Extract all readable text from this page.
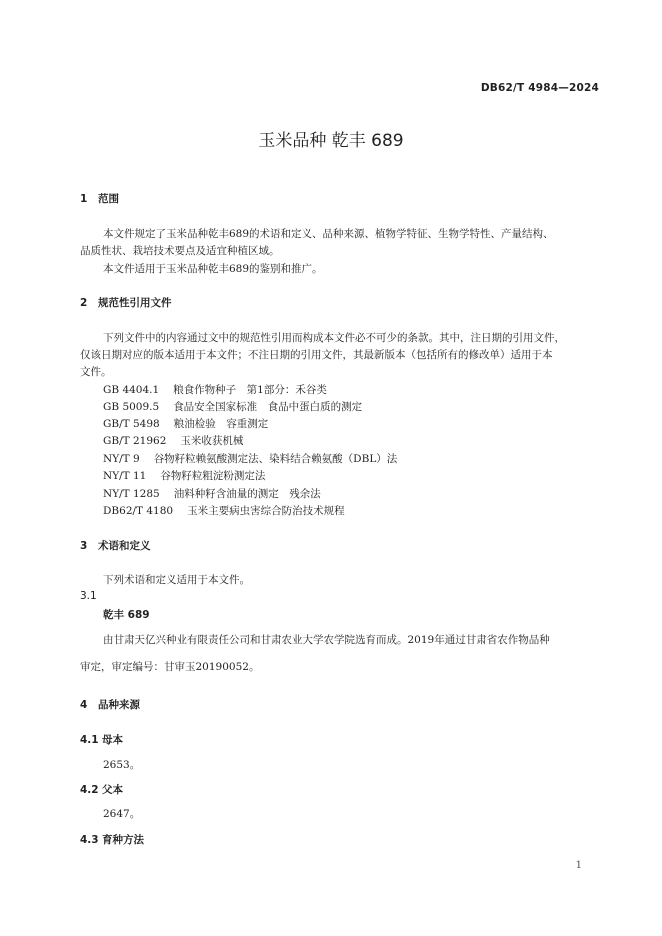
DB62/T 4984—2024
玉米品种 乾丰 689
1 范围
本文件规定了玉米品种乾丰689的术语和定义、品种来源、植物学特征、生物学特性、产量结构、
品质性状、栽培技术要点及适宜种植区域。
本文件适用于玉米品种乾丰689的鉴别和推广。
2 规范性引用文件
下列文件中的内容通过文中的规范性引用而构成本文件必不可少的条款。其中，注日期的引用文件，
仅该日期对应的版本适用于本文件；不注日期的引用文件，其最新版本（包括所有的修改单）适用于本
文件。
GB 4404.1 粮食作物种子　第1部分：禾谷类
GB 5009.5 食品安全国家标准　食品中蛋白质的测定
GB/T 5498 粮油检验　容重测定
GB/T 21962 玉米收获机械
NY/T 9 谷物籽粒赖氨酸测定法、染料结合赖氨酸（DBL）法
NY/T 11 谷物籽粒粗淀粉测定法
NY/T 1285 油料种籽含油量的测定　残余法
DB62/T 4180 玉米主要病虫害综合防治技术规程
3 术语和定义
下列术语和定义适用于本文件。
3.1
乾丰 689
由甘肃天亿兴种业有限责任公司和甘肃农业大学农学院选育而成。2019年通过甘肃省农作物品种
审定，审定编号：甘审玉20190052。
4 品种来源
4.1 母本
2653。
4.2 父本
2647。
4.3 育种方法
1
